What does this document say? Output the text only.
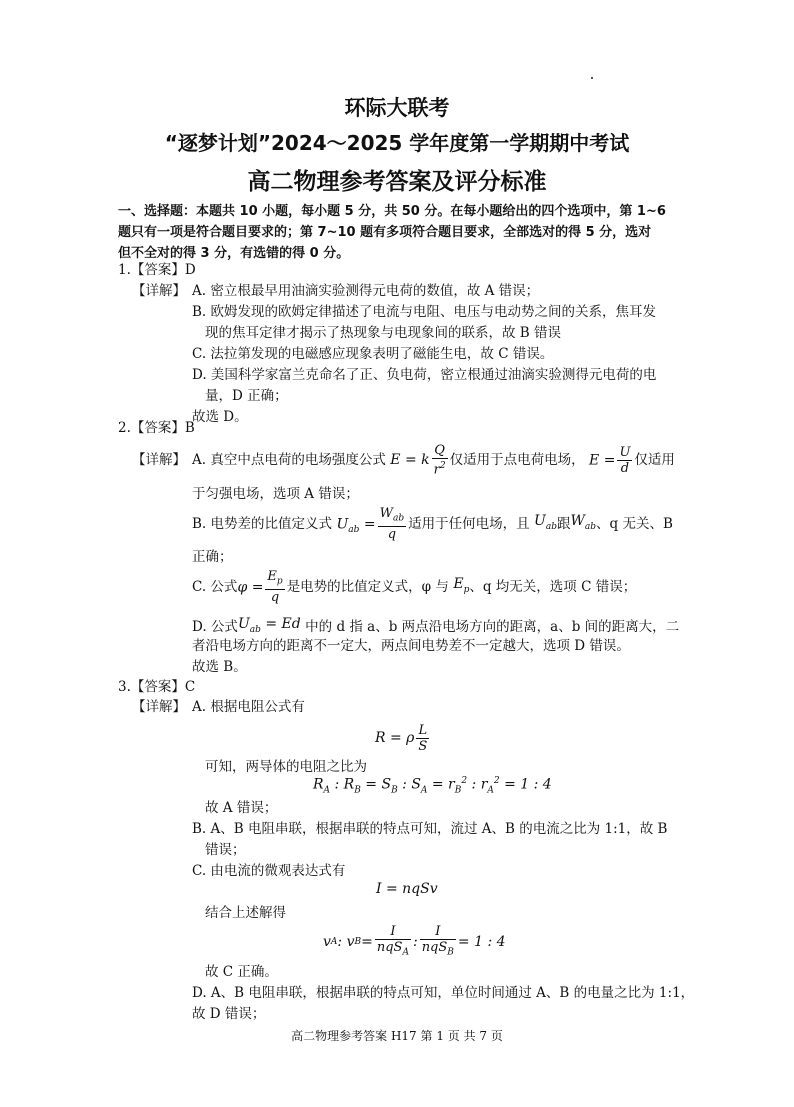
环际大联考
“逐梦计划”2024～2025 学年度第一学期期中考试
高二物理参考答案及评分标准
一、选择题：本题共 10 小题，每小题 5 分，共 50 分。在每小题给出的四个选项中，第 1~6
题只有一项是符合题目要求的；第 7~10 题有多项符合题目要求，全部选对的得 5 分，选对
但不全对的得 3 分，有选错的得 0 分。
1.【答案】D
【详解】 A. 密立根最早用油滴实验测得元电荷的数值，故 A 错误；
B. 欧姆发现的欧姆定律描述了电流与电阻、电压与电动势之间的关系，焦耳发
现的焦耳定律才揭示了热现象与电现象间的联系，故 B 错误
C. 法拉第发现的电磁感应现象表明了磁能生电，故 C 错误。
D. 美国科学家富兰克命名了正、负电荷，密立根通过油滴实验测得元电荷的电
量，D 正确；
故选 D。
2.【答案】B
【详解】 A. 真空中点电荷的电场强度公式 E = k $\frac{Q}{r^2}$ 仅适用于点电荷电场， $E = \frac{U}{d}$ 仅适用
于匀强电场，选项 A 错误；
B. 电势差的比值定义式 $U_{ab} = \frac{W_{ab}}{q}$ 适用于任何电场，且 $U_{ab}$ 跟 $W_{ab}$ 、q 无关、B
正确；
C. 公式 $\varphi = \frac{E_p}{q}$ 是电势的比值定义式，φ 与 $E_p$ 、q 均无关，选项 C 错误；
D. 公式 $U_{ab} = Ed$ 中的 d 指 a、b 两点沿电场方向的距离，a、b 间的距离大，二
者沿电场方向的距离不一定大，两点间电势差不一定越大，选项 D 错误。
故选 B。
3.【答案】C
【详解】 A. 根据电阻公式有
R = ρ $\frac{L}{S}$
可知，两导体的电阻之比为
$R_A$ : $R_B = S_B$ : $S_A = r_B^2$ : $r_A^2 = 1$ : 4
故 A 错误；
B. A、B 电阻串联，根据串联的特点可知，流过 A、B 的电流之比为 1:1，故 B
错误；
C. 由电流的微观表达式有
I = nqSv
结合上述解得
v A : v $B = \frac{I}{nqS_A}$ : $\frac{I}{nqS_B} = 1$ : 4
故 C 正确。
D. A、B 电阻串联，根据串联的特点可知，单位时间通过 A、B 的电量之比为 1:1，
故 D 错误；
高二物理参考答案 H17 第 1 页 共 7 页
